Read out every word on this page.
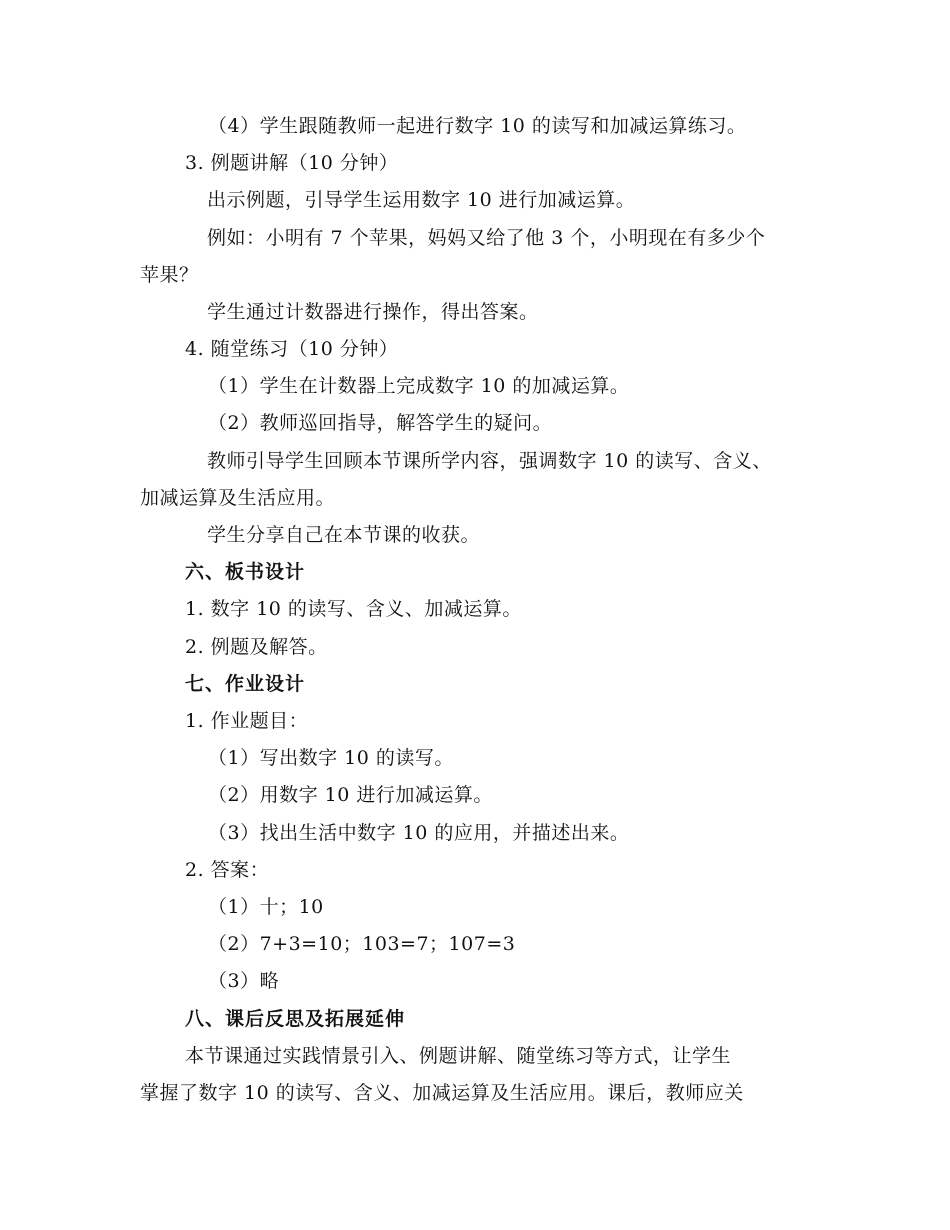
（4）学生跟随教师一起进行数字 10 的读写和加减运算练习。
3. 例题讲解（10 分钟）
出示例题，引导学生运用数字 10 进行加减运算。
例如：小明有 7 个苹果，妈妈又给了他 3 个，小明现在有多少个
苹果？
学生通过计数器进行操作，得出答案。
4. 随堂练习（10 分钟）
（1）学生在计数器上完成数字 10 的加减运算。
（2）教师巡回指导，解答学生的疑问。
教师引导学生回顾本节课所学内容，强调数字 10 的读写、含义、
加减运算及生活应用。
学生分享自己在本节课的收获。
六、板书设计
1. 数字 10 的读写、含义、加减运算。
2. 例题及解答。
七、作业设计
1. 作业题目：
（1）写出数字 10 的读写。
（2）用数字 10 进行加减运算。
（3）找出生活中数字 10 的应用，并描述出来。
2. 答案：
（1）十；10
（2）7+3=10；103=7；107=3
（3）略
八、课后反思及拓展延伸
本节课通过实践情景引入、例题讲解、随堂练习等方式，让学生
掌握了数字 10 的读写、含义、加减运算及生活应用。课后，教师应关
